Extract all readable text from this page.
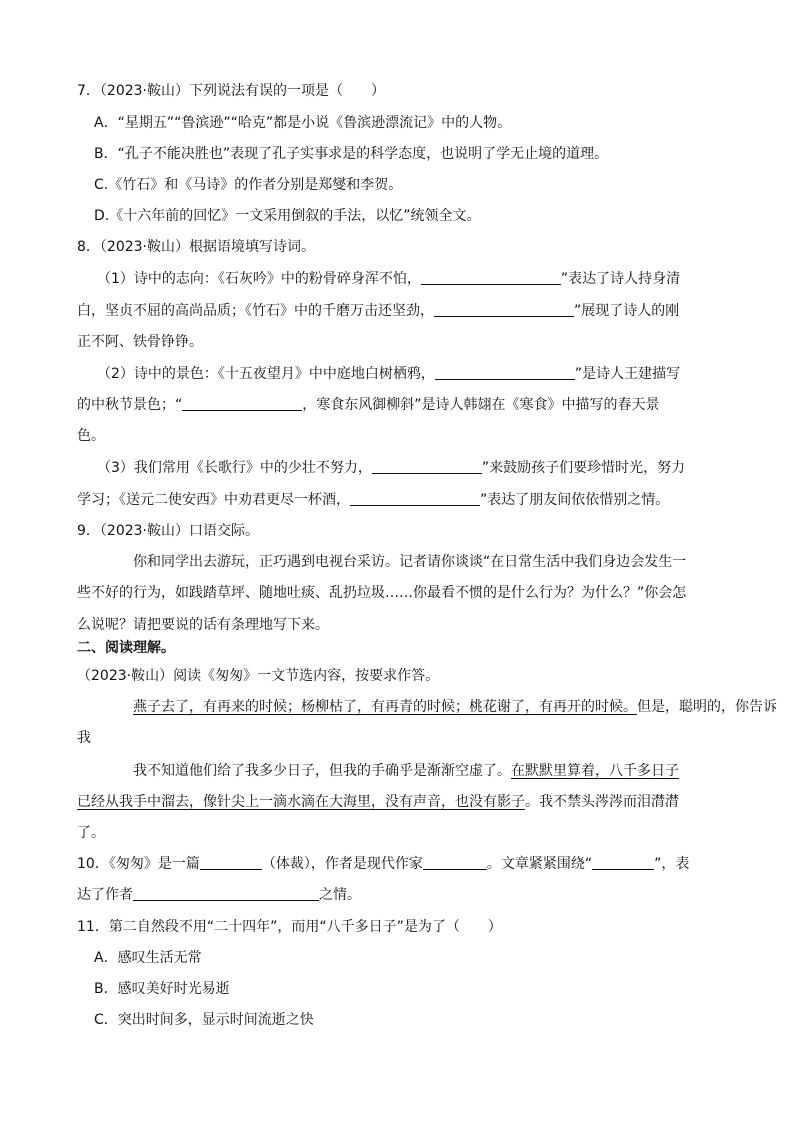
7．（2023·鞍山）下列说法有误的一项是（　　）
A．“星期五”“鲁滨逊”“哈克”都是小说《鲁滨逊漂流记》中的人物。
B．“孔子不能决胜也”表现了孔子实事求是的科学态度，也说明了学无止境的道理。
C.《竹石》和《马诗》的作者分别是郑燮和李贺。
D.《十六年前的回忆》一文采用倒叙的手法，以忆”统领全文。
8．（2023·鞍山）根据语境填写诗词。
（1）诗中的志向：《石灰吟》中的粉骨碎身浑不怕，	”表达了诗人持身清
白，坚贞不屈的高尚品质；《竹石》中的千磨万击还坚劲，	”展现了诗人的刚
正不阿、铁骨铮铮。
（2）诗中的景色：《十五夜望月》中中庭地白树栖鸦，	”是诗人王建描写
的中秋节景色；“	，寒食东风御柳斜”是诗人韩翃在《寒食》中描写的春天景
色。
（3）我们常用《长歌行》中的少壮不努力，	”来鼓励孩子们要珍惜时光，努力
学习；《送元二使安西》中劝君更尽一杯酒，	”表达了朋友间依依惜别之情。
9．（2023·鞍山）口语交际。
你和同学出去游玩，正巧遇到电视台采访。记者请你谈谈“在日常生活中我们身边会发生一
些不好的行为，如践踏草坪、随地吐痰、乱扔垃圾……你最看不惯的是什么行为？为什么？”你会怎
么说呢？请把要说的话有条理地写下来。
二、阅读理解。
（2023·鞍山）阅读《匆匆》一文节选内容，按要求作答。
燕子去了，有再来的时候；杨柳枯了，有再青的时候；桃花谢了，有再开的时候。但是，聪明的，你告诉
我
我不知道他们给了我多少日子，但我的手确乎是渐渐空虚了。在默默里算着，八千多日子
已经从我手中溜去，像针尖上一滴水滴在大海里，没有声音，也没有影子。我不禁头涔涔而泪潸潸
了。
10．《匆匆》是一篇	（体裁），作者是现代作家	。文章紧紧围绕“	”，表
达了作者	之情。
11．第二自然段不用“二十四年”，而用“八千多日子”是为了（　　）
A．感叹生活无常
B．感叹美好时光易逝
C．突出时间多，显示时间流逝之快
